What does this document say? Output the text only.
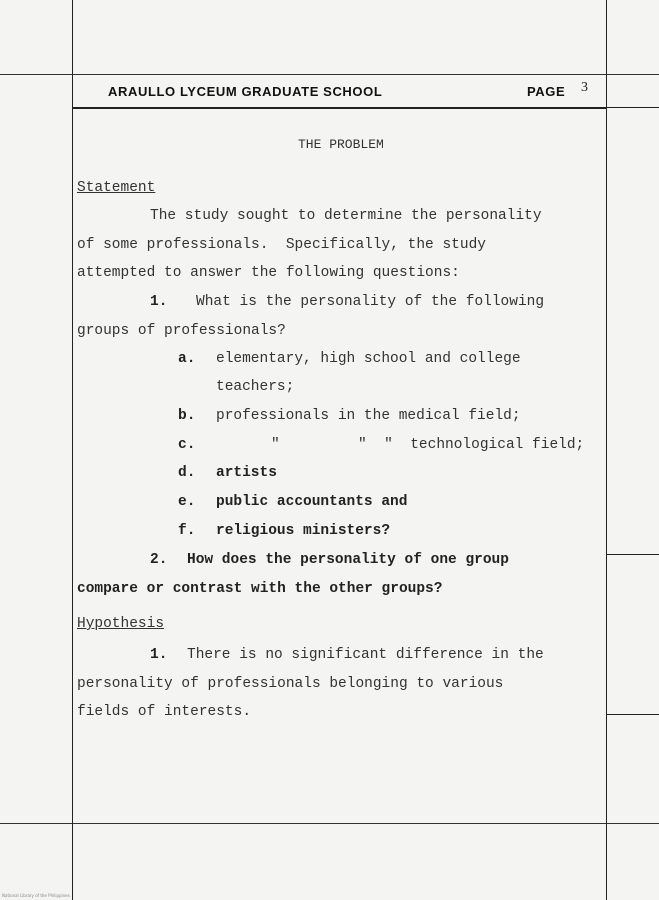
ARAULLO LYCEUM GRADUATE SCHOOL	PAGE 3
THE PROBLEM
Statement
The study sought to determine the personality
of some professionals.  Specifically, the study
attempted to answer the following questions:
1. What is the personality of the following
groups of professionals?
a. elementary, high school and college
teachers;
b. professionals in the medical field;
c.	"         "  "  technological field;
d. artists
e. public accountants and
f. religious ministers?
2. How does the personality of one group
compare or contrast with the other groups?
Hypothesis
1. There is no significant difference in the
personality of professionals belonging to various
fields of interests.
National Library of the Philippines
